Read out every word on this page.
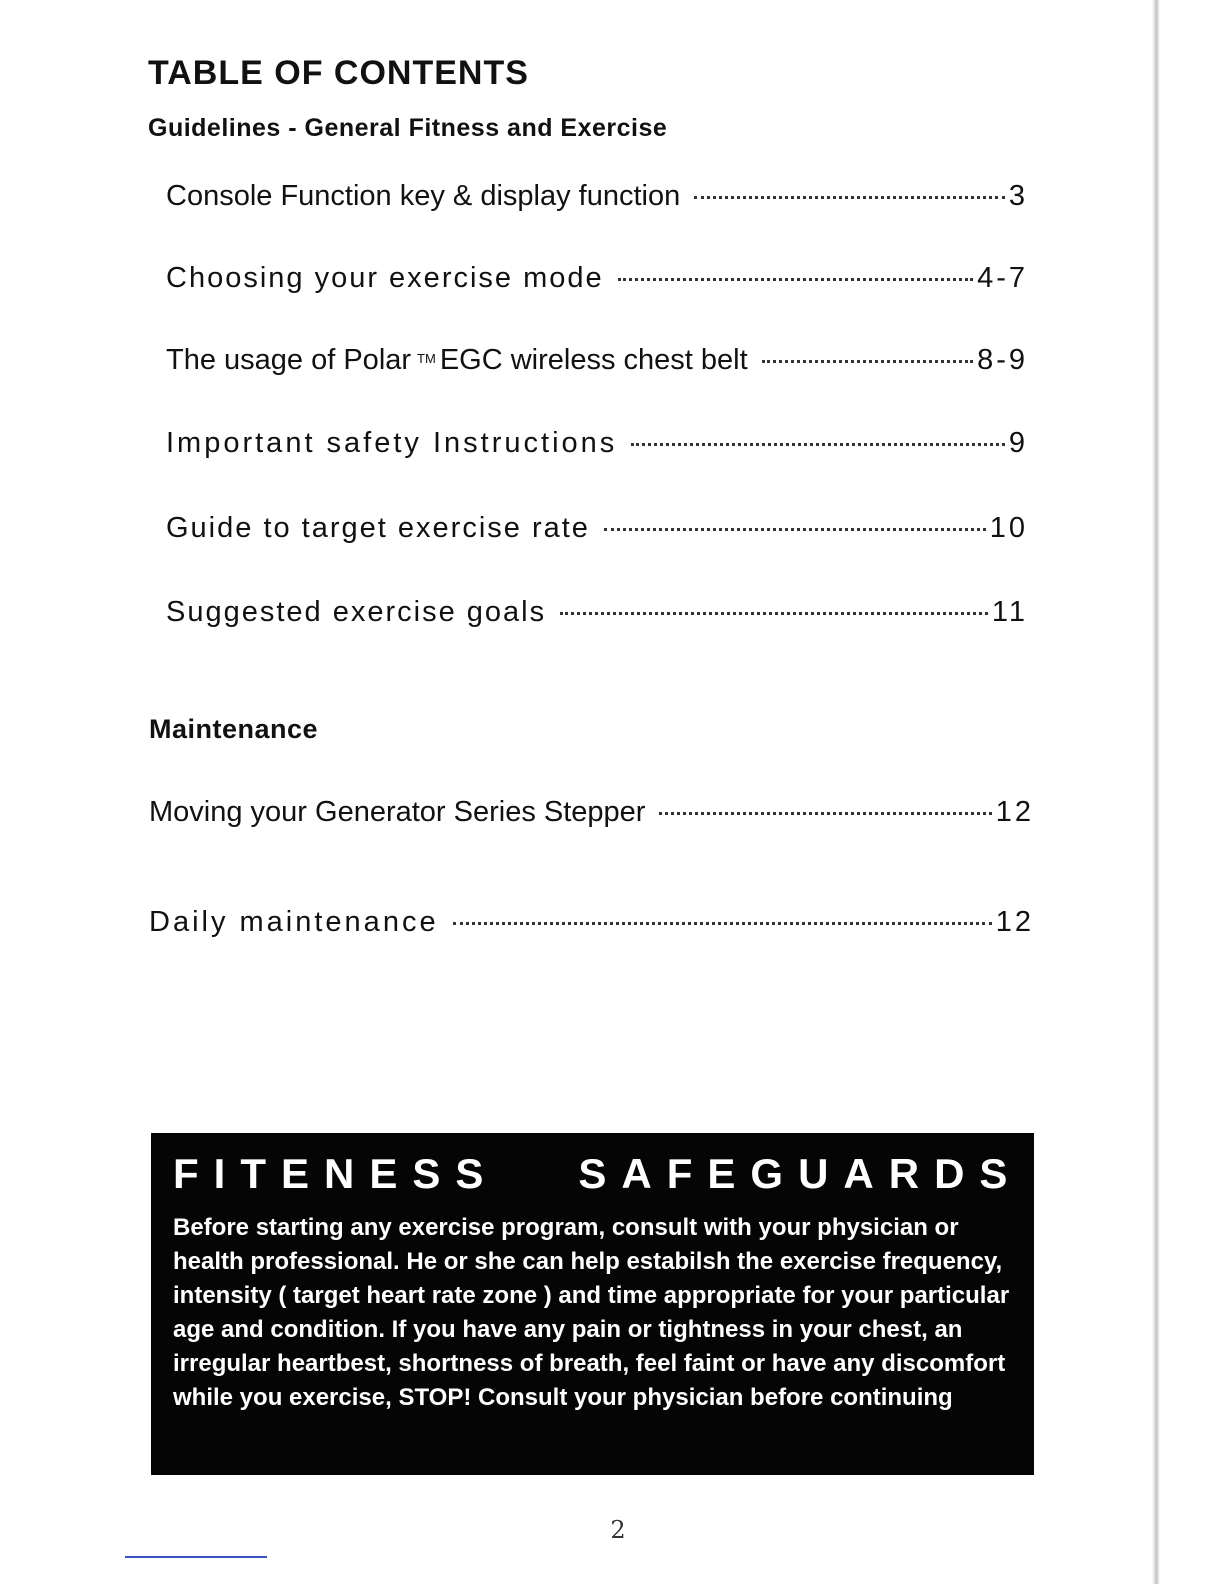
TABLE OF CONTENTS
Guidelines - General Fitness and Exercise
Console Function key & display function	3
Choosing your exercise mode	4-7
The usage of Polar ™ EGC wireless chest belt	8-9
Important safety Instructions	9
Guide to target exercise rate	10
Suggested exercise goals	11
Maintenance
Moving your Generator Series Stepper	12
Daily maintenance	12
FITENESS SAFEGUARDS

Before starting any exercise program, consult with your physician or health professional. He or she can help estabilsh the exercise frequency, intensity ( target heart rate zone ) and time appropriate for your particular age and condition. If you have any pain or tightness in your chest, an irregular heartbest, shortness of breath, feel faint or have any discomfort while you exercise, STOP! Consult your physician before continuing

2
